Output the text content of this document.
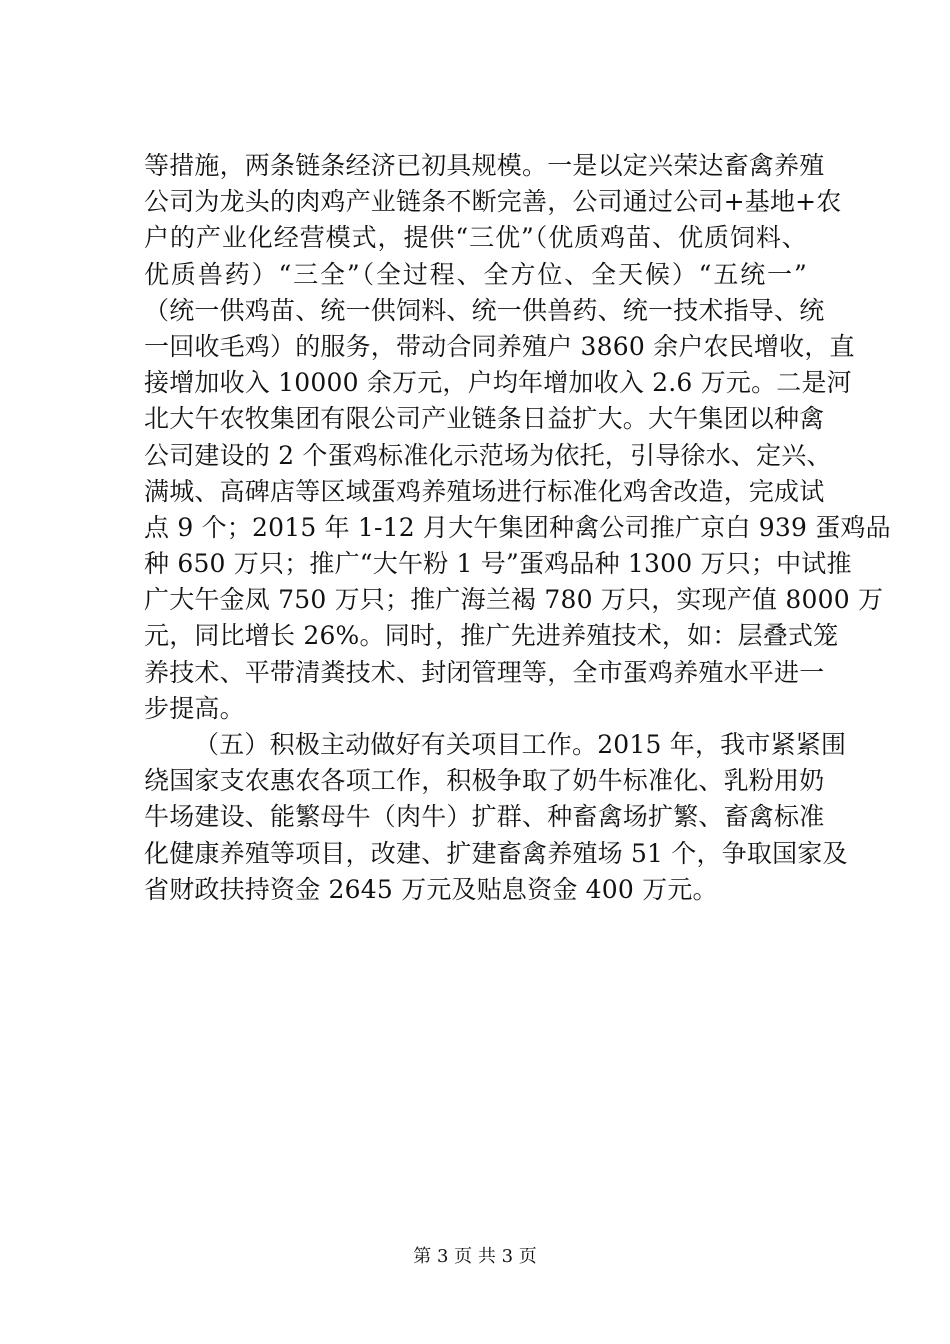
等措施，两条链条经济已初具规模。一是以定兴荣达畜禽养殖
公司为龙头的肉鸡产业链条不断完善，公司通过公司+基地+农
户的产业化经营模式，提供“三优”（优质鸡苗、优质饲料、
优质兽药）“三全”（全过程、全方位、全天候）“五统一”
（统一供鸡苗、统一供饲料、统一供兽药、统一技术指导、统
一回收毛鸡）的服务，带动合同养殖户 3860 余户农民增收，直
接增加收入 10000 余万元，户均年增加收入 2.6 万元。二是河
北大午农牧集团有限公司产业链条日益扩大。大午集团以种禽
公司建设的 2 个蛋鸡标准化示范场为依托，引导徐水、定兴、
满城、高碑店等区域蛋鸡养殖场进行标准化鸡舍改造，完成试
点 9 个；2015 年 1-12 月大午集团种禽公司推广京白 939 蛋鸡品
种 650 万只；推广“大午粉 1 号”蛋鸡品种 1300 万只；中试推
广大午金凤 750 万只；推广海兰褐 780 万只，实现产值 8000 万
元，同比增长 26%。同时，推广先进养殖技术，如：层叠式笼
养技术、平带清粪技术、封闭管理等，全市蛋鸡养殖水平进一
步提高。
（五）积极主动做好有关项目工作。2015 年，我市紧紧围
绕国家支农惠农各项工作，积极争取了奶牛标准化、乳粉用奶
牛场建设、能繁母牛（肉牛）扩群、种畜禽场扩繁、畜禽标准
化健康养殖等项目，改建、扩建畜禽养殖场 51 个，争取国家及
省财政扶持资金 2645 万元及贴息资金 400 万元。
第 3 页 共 3 页
